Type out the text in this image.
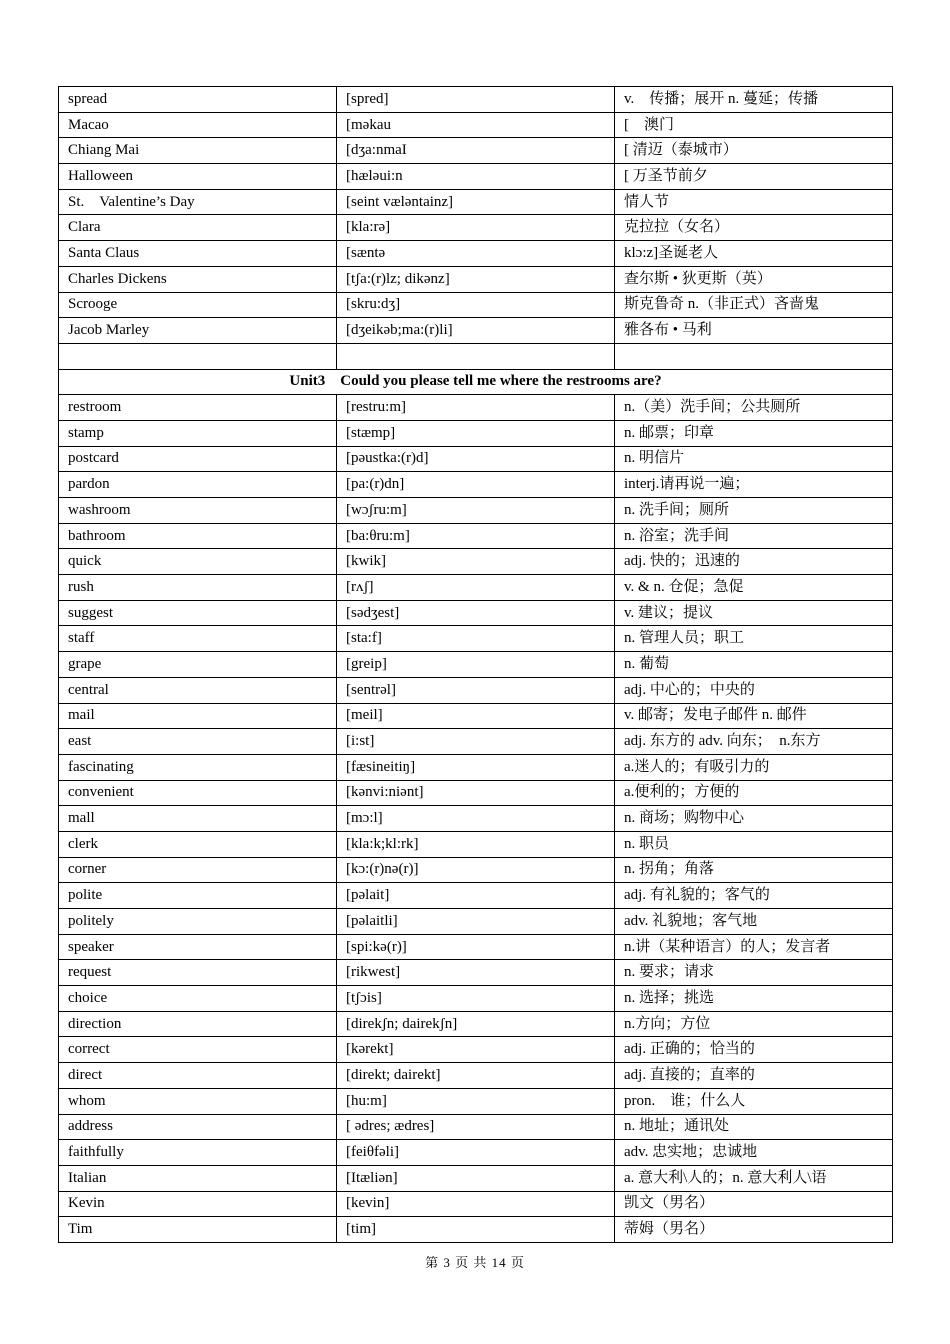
spread	[spred]	v.　传播；展开 n. 蔓延；传播
Macao	[məkau	[　澳门
Chiang Mai	[dʒa:nmaI	[ 清迈（泰城市）
Halloween	[hæləui:n	[ 万圣节前夕
St.　Valentine’s Day	[seint væləntainz]	情人节
Clara	[kla:rə]	克拉拉（女名）
Santa Claus	[sæntə	klɔ:z]圣诞老人
Charles Dickens	[tʃa:(r)lz; dikənz]	查尔斯 • 狄更斯（英）
Scrooge	[skru:dʒ]	斯克鲁奇 n.（非正式）吝啬鬼
Jacob Marley	[dʒeikəb;ma:(r)li]	雅各布 • 马利

Unit3　Could you please tell me where the restrooms are?		
restroom	[restru:m]	n.（美）洗手间；公共厕所
stamp	[stæmp]	n. 邮票；印章
postcard	[pəustka:(r)d]	n. 明信片
pardon	[pa:(r)dn]	interj.请再说一遍；
washroom	[wɔʃru:m]	n. 洗手间；厕所
bathroom	[ba:θru:m]	n. 浴室；洗手间
quick	[kwik]	adj. 快的；迅速的
rush	[rʌʃ]	v. & n. 仓促；急促
suggest	[sədʒest]	v. 建议；提议
staff	[sta:f]	n. 管理人员；职工
grape	[greip]	n. 葡萄
central	[sentrəl]	adj. 中心的；中央的
mail	[meil]	v. 邮寄；发电子邮件 n. 邮件
east	[i:st]	adj. 东方的 adv. 向东；　n.东方
fascinating	[fæsineitiŋ]	a.迷人的；有吸引力的
convenient	[kənvi:niənt]	a.便利的；方便的
mall	[mɔ:l]	n. 商场；购物中心
clerk	[kla:k;kl:rk]	n. 职员
corner	[kɔ:(r)nə(r)]	n. 拐角；角落
polite	[pəlait]	adj. 有礼貌的；客气的
politely	[pəlaitli]	adv. 礼貌地；客气地
speaker	[spi:kə(r)]	n.讲（某种语言）的人；发言者
request	[rikwest]	n. 要求；请求
choice	[tʃɔis]	n. 选择；挑选
direction	[direkʃn; dairekʃn]	n.方向；方位
correct	[kərekt]	adj. 正确的；恰当的
direct	[direkt; dairekt]	adj. 直接的；直率的
whom	[hu:m]	pron.　谁；什么人
address	[ ədres; ædres]	n. 地址；通讯处
faithfully	[feiθfəli]	adv. 忠实地；忠诚地
Italian	[Itæliən]	a. 意大利\人的；n. 意大利人\语
Kevin	[kevin]	凯文（男名）
Tim	[tim]	蒂姆（男名）
第 3 页 共 14 页
